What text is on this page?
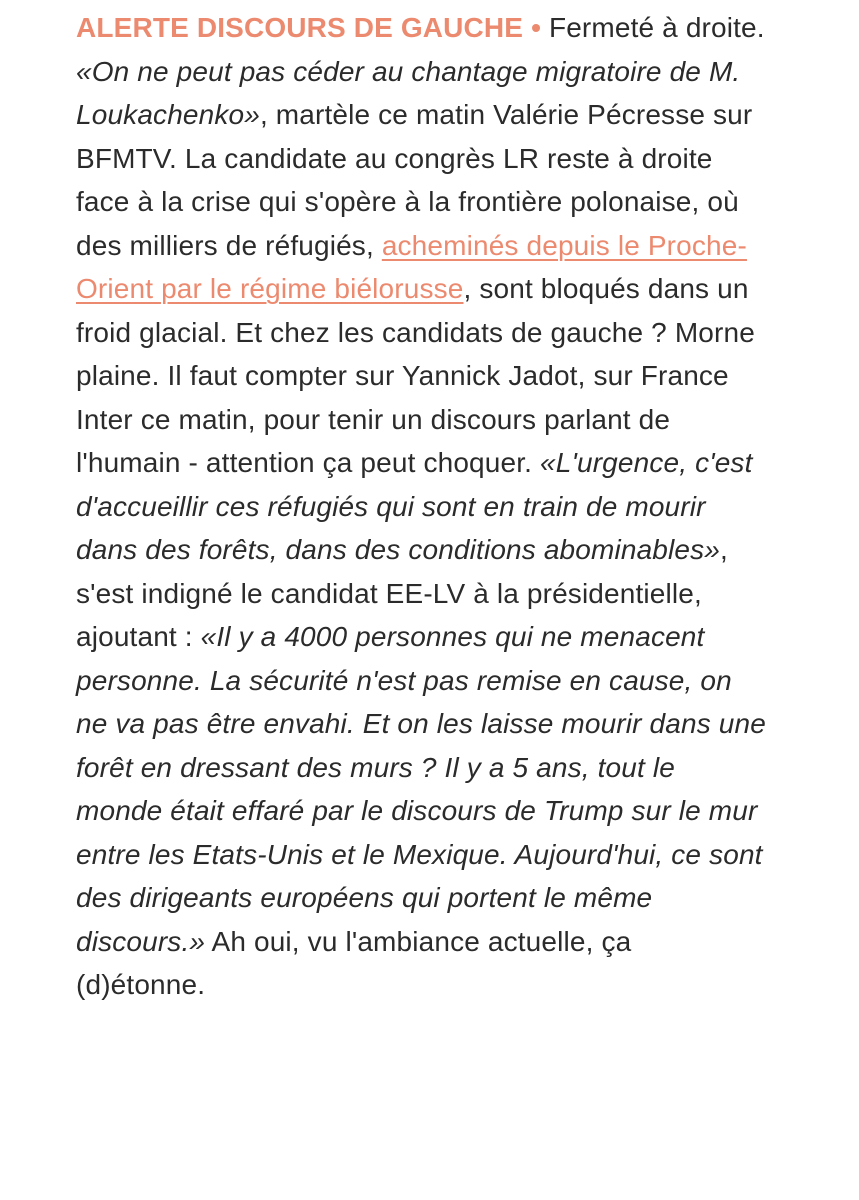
ALERTE DISCOURS DE GAUCHE • Fermeté à droite. «On ne peut pas céder au chantage migratoire de M. Loukachenko», martèle ce matin Valérie Pécresse sur BFMTV. La candidate au congrès LR reste à droite face à la crise qui s'opère à la frontière polonaise, où des milliers de réfugiés, acheminés depuis le Proche-Orient par le régime biélorusse, sont bloqués dans un froid glacial. Et chez les candidats de gauche ? Morne plaine. Il faut compter sur Yannick Jadot, sur France Inter ce matin, pour tenir un discours parlant de l'humain - attention ça peut choquer. «L'urgence, c'est d'accueillir ces réfugiés qui sont en train de mourir dans des forêts, dans des conditions abominables», s'est indigné le candidat EE-LV à la présidentielle, ajoutant : «Il y a 4000 personnes qui ne menacent personne. La sécurité n'est pas remise en cause, on ne va pas être envahi. Et on les laisse mourir dans une forêt en dressant des murs ? Il y a 5 ans, tout le monde était effaré par le discours de Trump sur le mur entre les Etats-Unis et le Mexique. Aujourd'hui, ce sont des dirigeants européens qui portent le même discours.» Ah oui, vu l'ambiance actuelle, ça (d)étonne.
